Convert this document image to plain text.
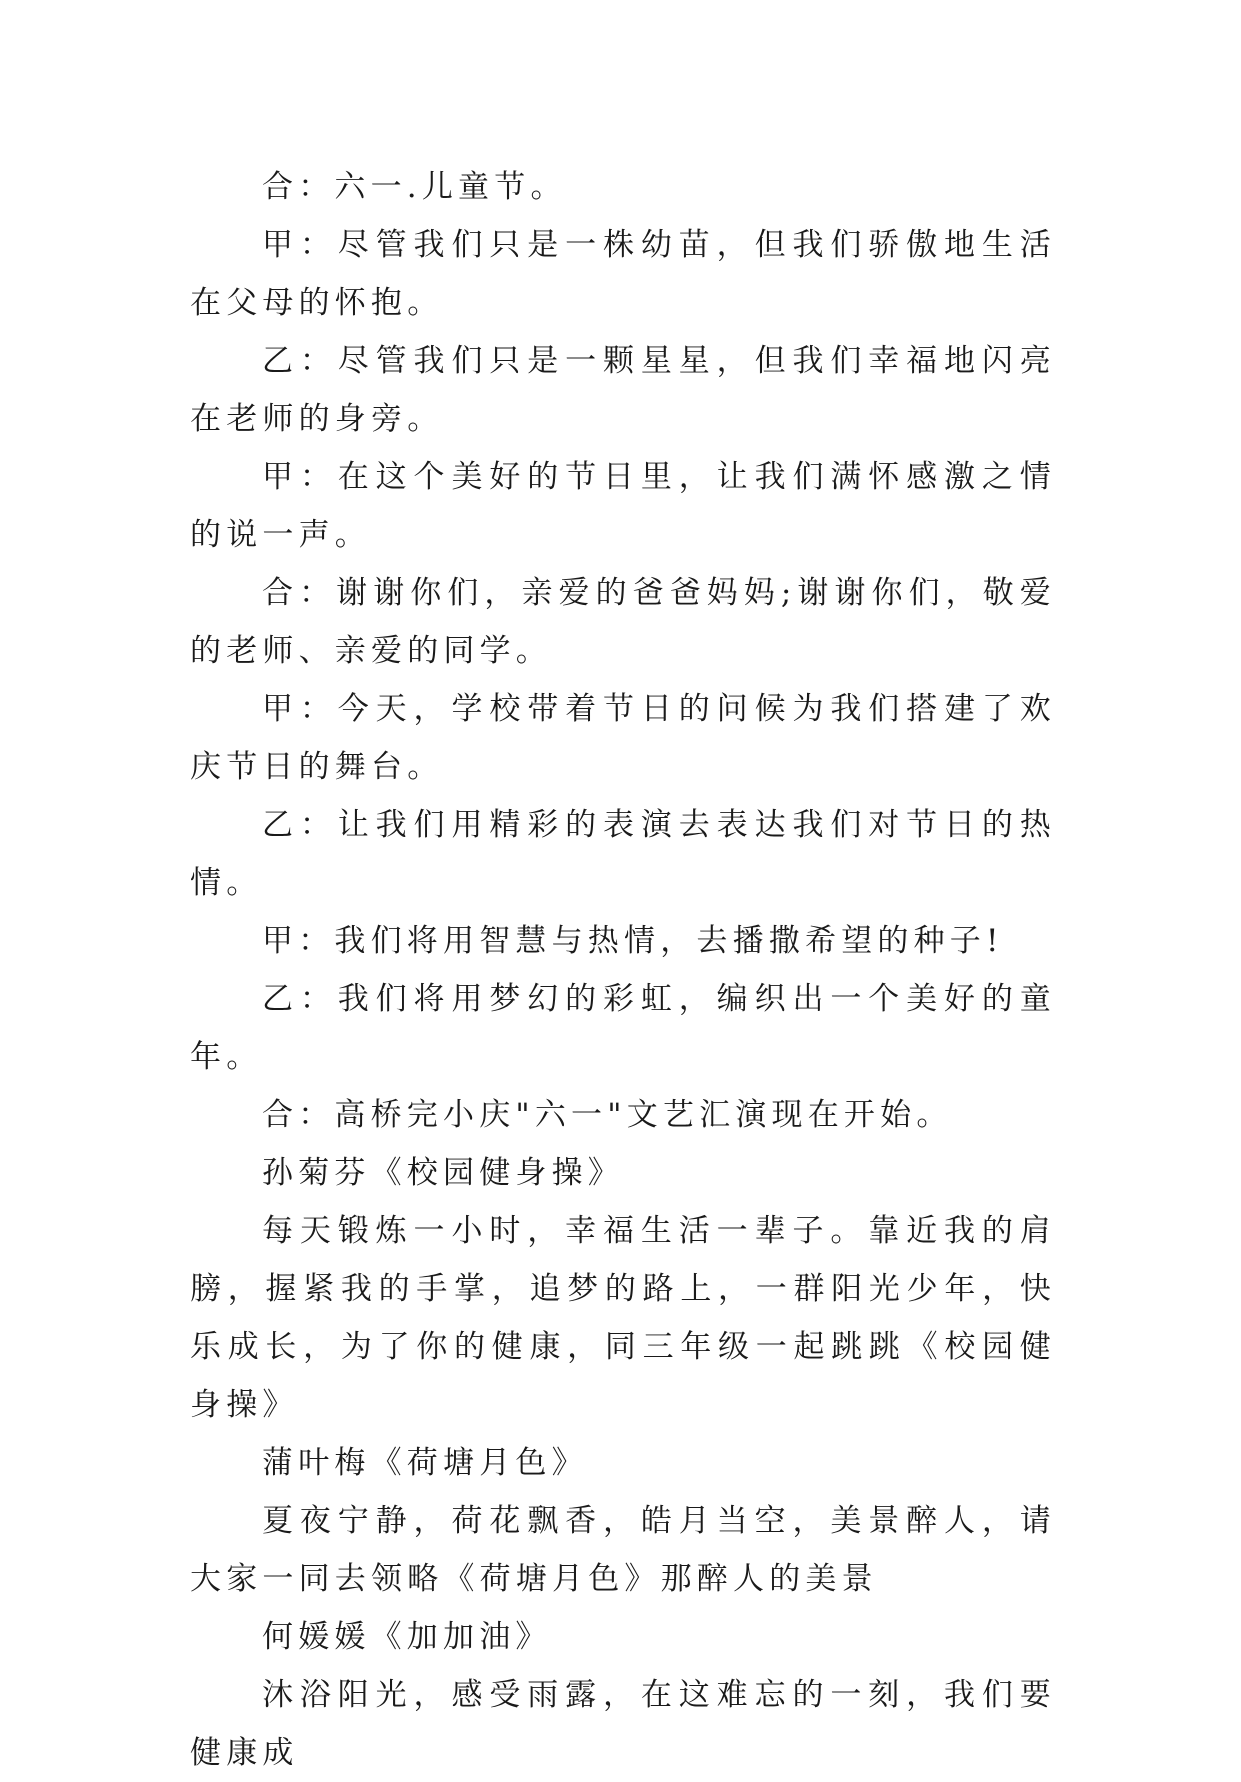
合：六一.儿童节。

甲：尽管我们只是一株幼苗，但我们骄傲地生活在父母的怀抱。

乙：尽管我们只是一颗星星，但我们幸福地闪亮在老师的身旁。

甲：在这个美好的节日里，让我们满怀感激之情的说一声。

合：谢谢你们，亲爱的爸爸妈妈;谢谢你们，敬爱的老师、亲爱的同学。

甲：今天，学校带着节日的问候为我们搭建了欢庆节日的舞台。

乙：让我们用精彩的表演去表达我们对节日的热情。

甲：我们将用智慧与热情，去播撒希望的种子!

乙：我们将用梦幻的彩虹，编织出一个美好的童年。

合：高桥完小庆"六一"文艺汇演现在开始。

孙菊芬《校园健身操》

每天锻炼一小时，幸福生活一辈子。靠近我的肩膀，握紧我的手掌，追梦的路上，一群阳光少年，快乐成长，为了你的健康，同三年级一起跳跳《校园健身操》

蒲叶梅《荷塘月色》

夏夜宁静，荷花飘香，皓月当空，美景醉人，请大家一同去领略《荷塘月色》那醉人的美景

何媛媛《加加油》

沐浴阳光，感受雨露，在这难忘的一刻，我们要健康成
